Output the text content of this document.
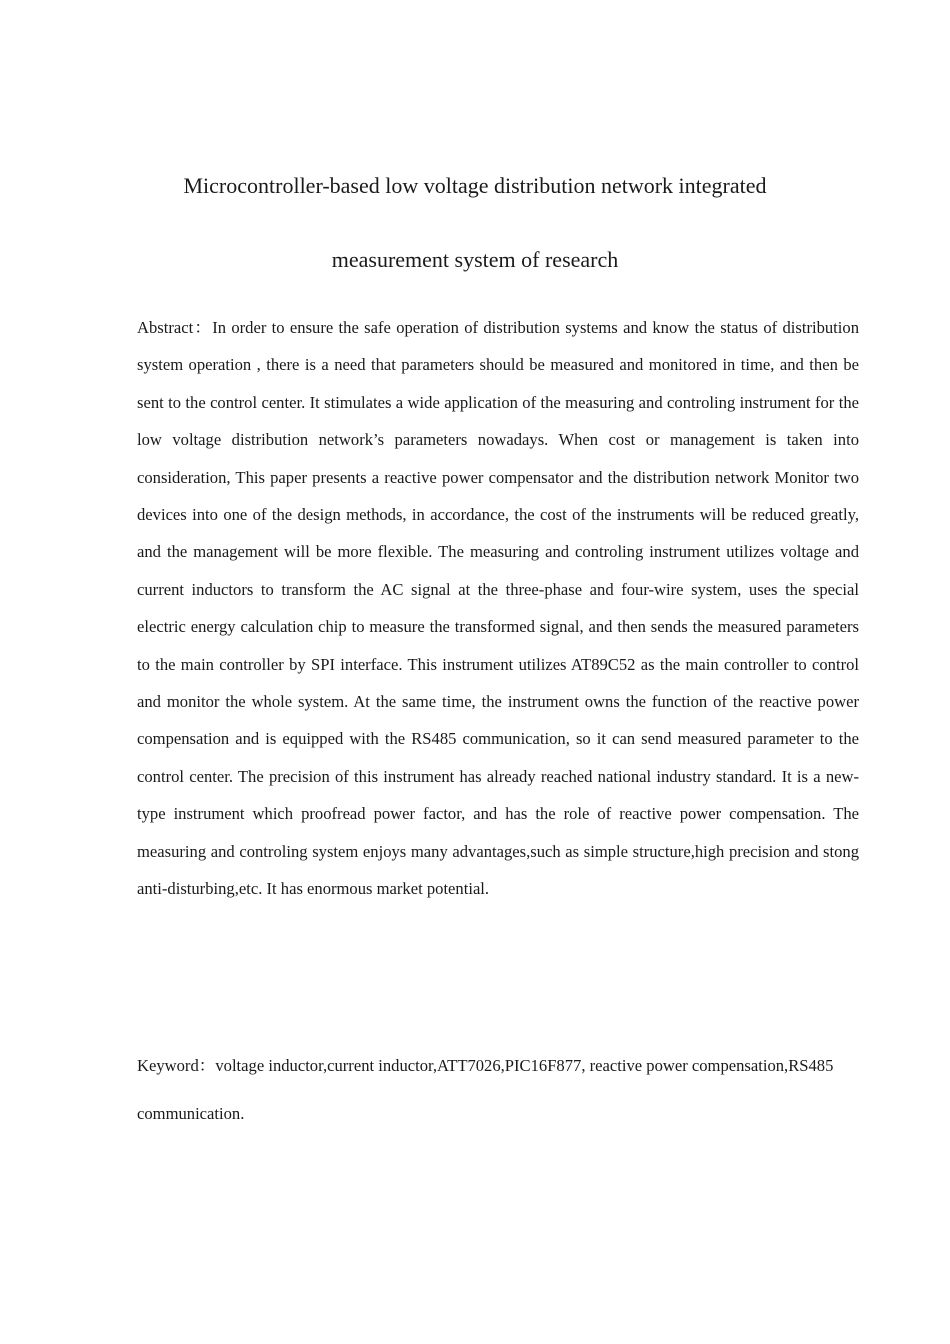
Microcontroller-based low voltage distribution network integrated
measurement system of research

Abstract：In order to ensure the safe operation of distribution systems and know the status of distribution system operation , there is a need that parameters should be measured and monitored in time, and then be sent to the control center. It stimulates a wide application of the measuring and controling instrument for the low voltage distribution network’s parameters nowadays. When cost or management is taken into consideration, This paper presents a reactive power compensator and the distribution network Monitor two devices into one of the design methods, in accordance, the cost of the instruments will be reduced greatly, and the management will be more flexible. The measuring and controling instrument utilizes voltage and current inductors to transform the AC signal at the three-phase and four-wire system, uses the special electric energy calculation chip to measure the transformed signal, and then sends the measured parameters to the main controller by SPI interface. This instrument utilizes AT89C52 as the main controller to control and monitor the whole system. At the same time, the instrument owns the function of the reactive power compensation and is equipped with the RS485 communication, so it can send measured parameter to the control center. The precision of this instrument has already reached national industry standard. It is a new-type instrument which proofread power factor, and has the role of reactive power compensation. The measuring and controling system enjoys many advantages,such as simple structure,high precision and stong anti-disturbing,etc. It has enormous market potential.

Keyword：voltage inductor,current inductor,ATT7026,PIC16F877, reactive power compensation,RS485 communication.
